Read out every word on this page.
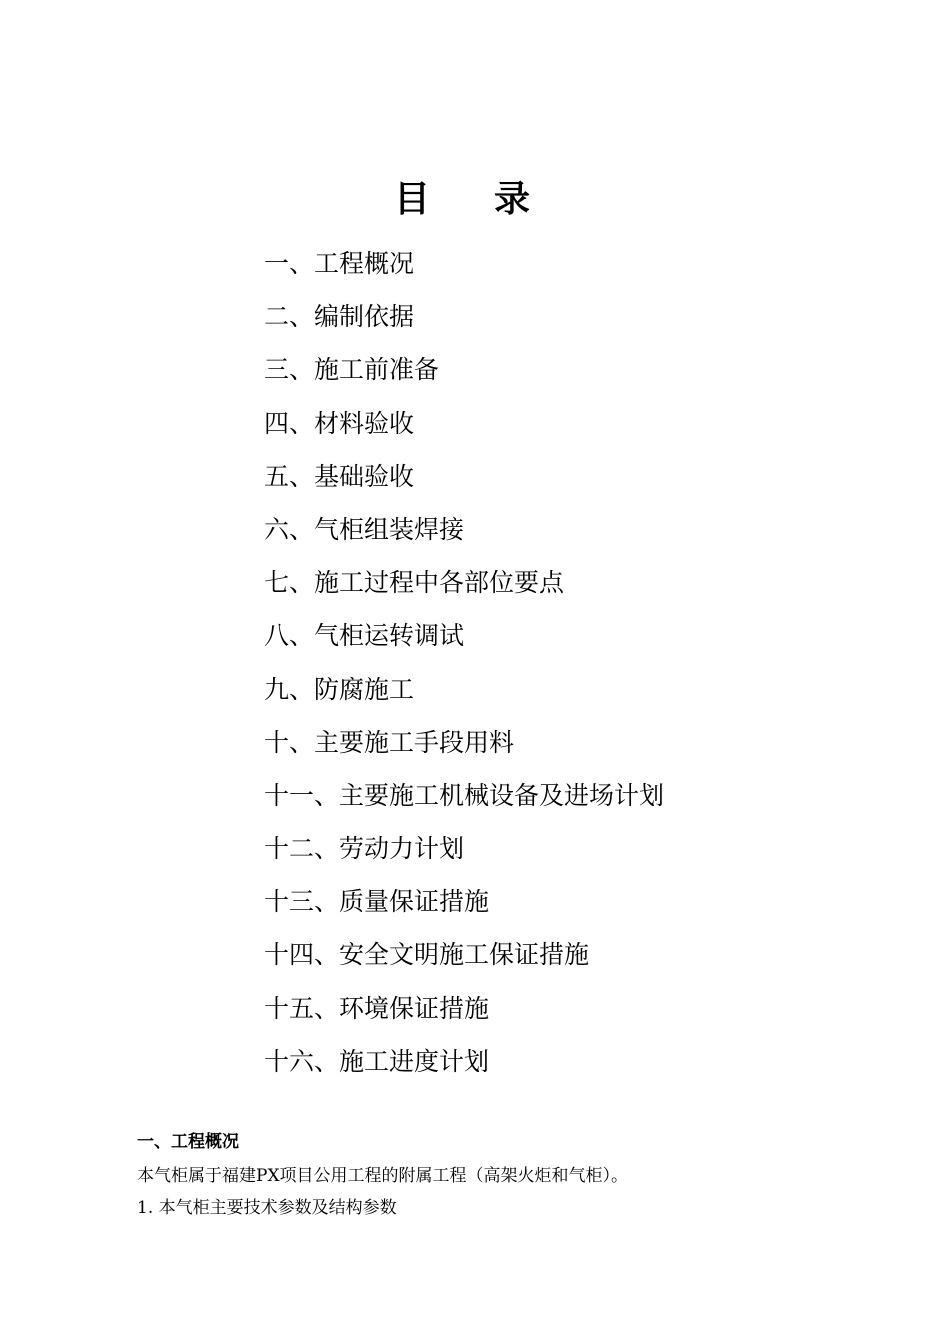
目录
一、工程概况
二、编制依据
三、施工前准备
四、材料验收
五、基础验收
六、气柜组装焊接
七、施工过程中各部位要点
八、气柜运转调试
九、防腐施工
十、主要施工手段用料
十一、主要施工机械设备及进场计划
十二、劳动力计划
十三、质量保证措施
十四、安全文明施工保证措施
十五、环境保证措施
十六、施工进度计划
一、工程概况

本气柜属于福建PX项目公用工程的附属工程（高架火炬和气柜）。

1. 本气柜主要技术参数及结构参数
